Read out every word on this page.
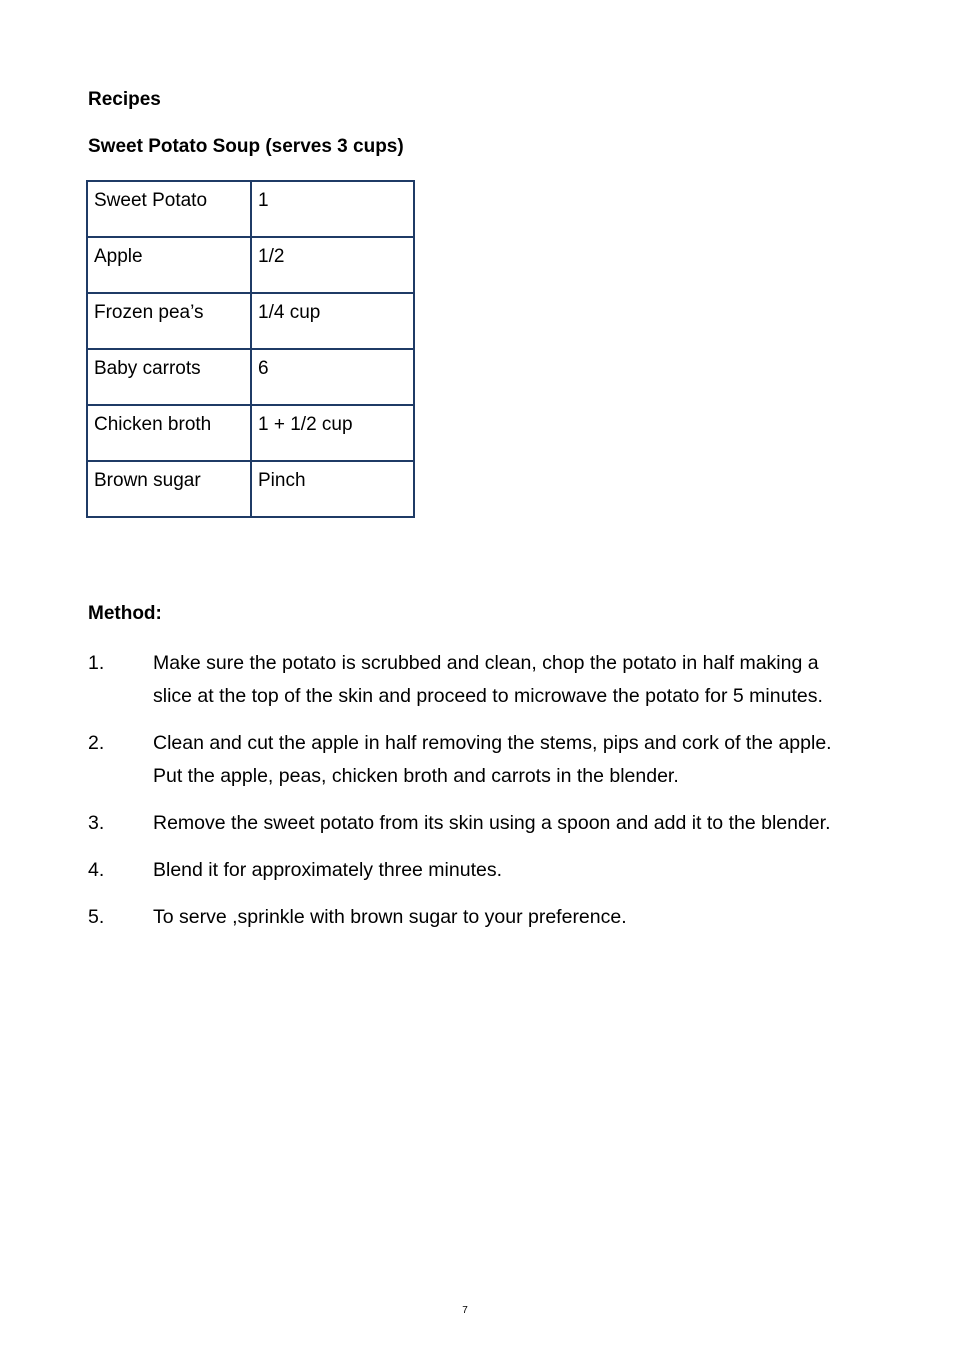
Recipes
Sweet Potato Soup (serves 3 cups)
Sweet Potato	1
Apple	1/2
Frozen pea’s	1/4 cup
Baby carrots	6
Chicken broth	1 + 1/2 cup
Brown sugar	Pinch
Method:
1.	Make sure the potato is scrubbed and clean, chop the potato in half making a slice at the top of the skin and proceed to microwave the potato for 5 minutes.
2.	Clean and cut the apple in half removing the stems, pips and cork of the apple. Put the apple, peas, chicken broth and carrots in the blender.
3.	Remove the sweet potato from its skin using a spoon and add it to the blender.
4.	Blend it for approximately three minutes.
5.	To serve ,sprinkle with brown sugar to your preference.
7
